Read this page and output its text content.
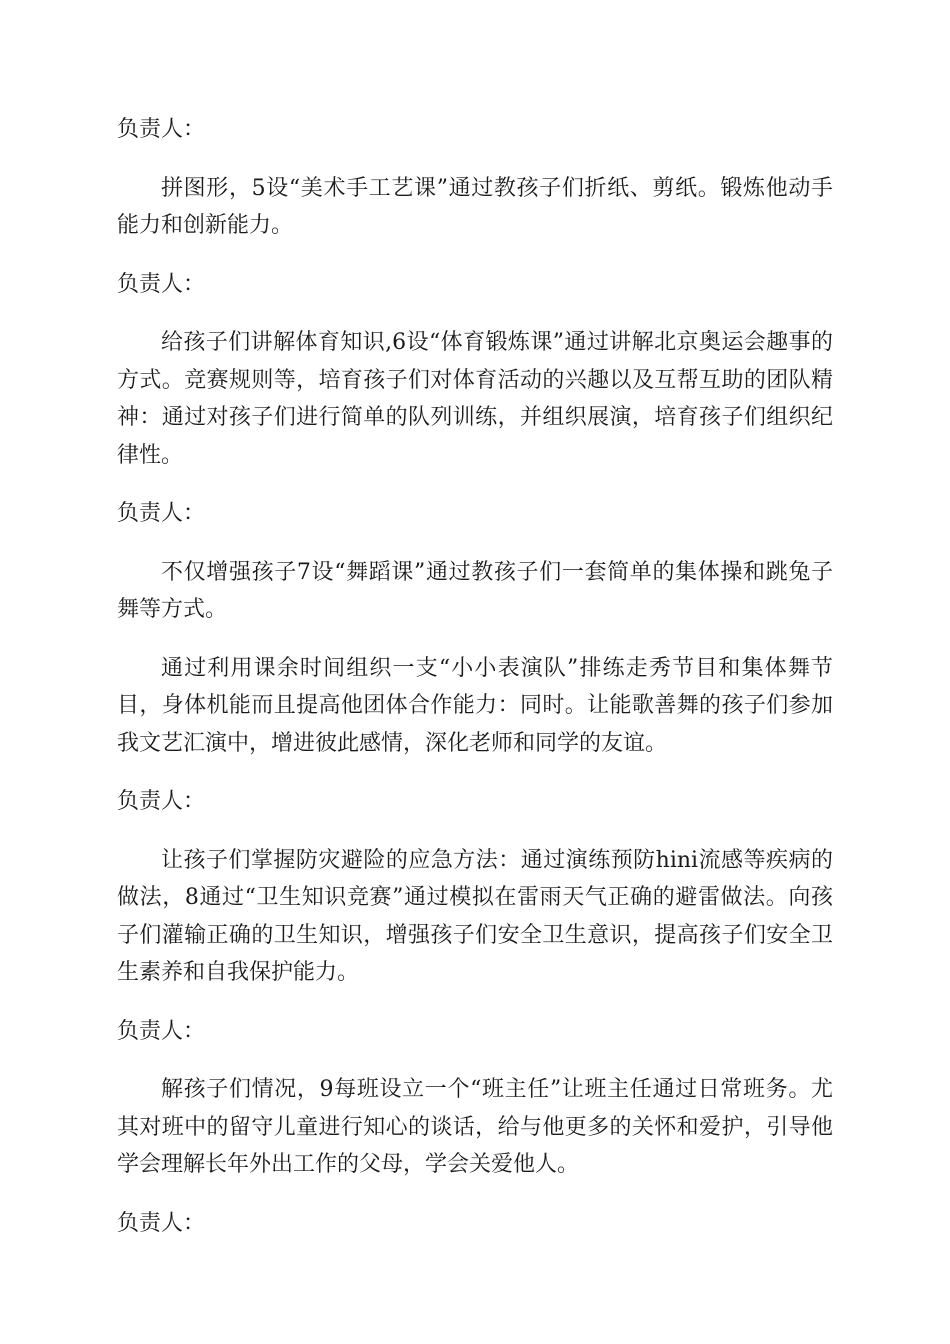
负责人：

拼图形，5设“美术手工艺课”通过教孩子们折纸、剪纸。锻炼他动手能力和创新能力。

负责人：

给孩子们讲解体育知识,6设“体育锻炼课”通过讲解北京奥运会趣事的方式。竞赛规则等，培育孩子们对体育活动的兴趣以及互帮互助的团队精神：通过对孩子们进行简单的队列训练，并组织展演，培育孩子们组织纪律性。

负责人：

不仅增强孩子7设“舞蹈课”通过教孩子们一套简单的集体操和跳兔子舞等方式。

通过利用课余时间组织一支“小小表演队”排练走秀节目和集体舞节目，身体机能而且提高他团体合作能力：同时。让能歌善舞的孩子们参加我文艺汇演中，增进彼此感情，深化老师和同学的友谊。

负责人：

让孩子们掌握防灾避险的应急方法：通过演练预防hini流感等疾病的做法，8通过“卫生知识竞赛”通过模拟在雷雨天气正确的避雷做法。向孩子们灌输正确的卫生知识，增强孩子们安全卫生意识，提高孩子们安全卫生素养和自我保护能力。

负责人：

解孩子们情况，9每班设立一个“班主任”让班主任通过日常班务。尤其对班中的留守儿童进行知心的谈话，给与他更多的关怀和爱护，引导他学会理解长年外出工作的父母，学会关爱他人。

负责人：
